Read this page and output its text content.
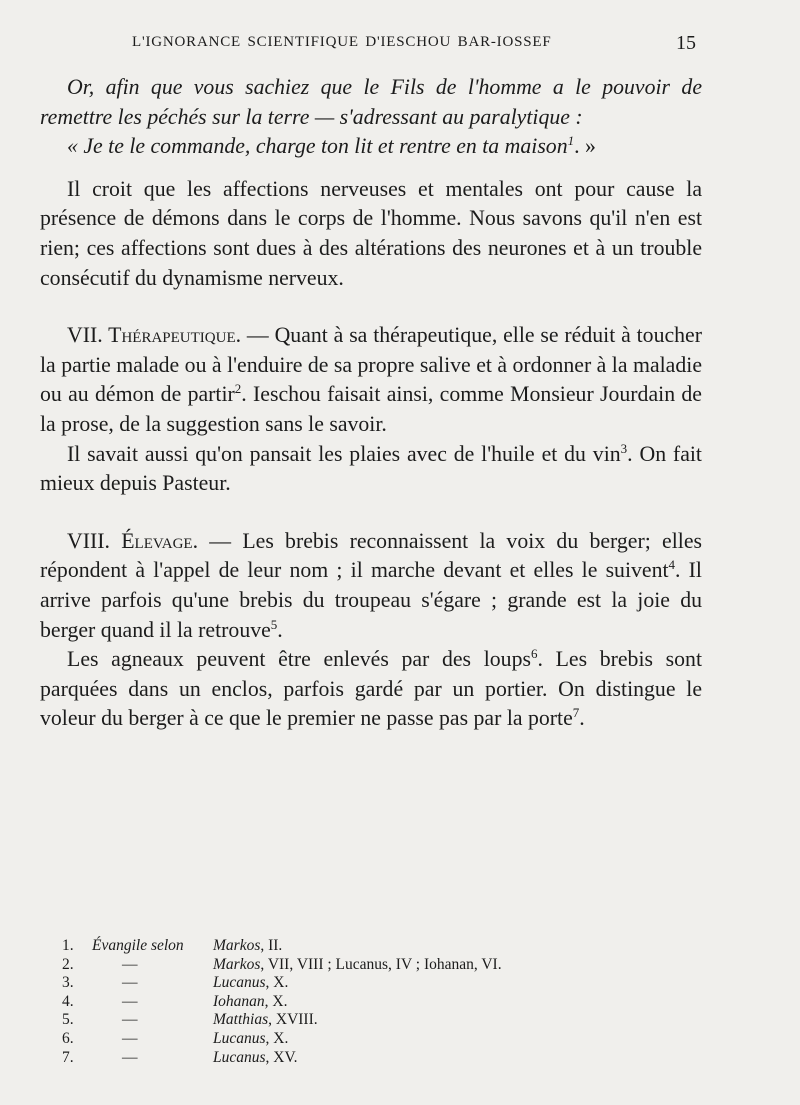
L'IGNORANCE SCIENTIFIQUE D'IESCHOU BAR-IOSSEF	15

Or, afin que vous sachiez que le Fils de l'homme a le pouvoir de remettre les péchés sur la terre — s'adressant au paralytique :

« Je te le commande, charge ton lit et rentre en ta maison$^1$. »

Il croit que les affections nerveuses et mentales ont pour cause la présence de démons dans le corps de l'homme. Nous savons qu'il n'en est rien; ces affections sont dues à des altérations des neurones et à un trouble consécutif du dynamisme nerveux.

VII. Thérapeutique. — Quant à sa thérapeutique, elle se réduit à toucher la partie malade ou à l'enduire de sa propre salive et à ordonner à la maladie ou au démon de partir$^2$. Ieschou faisait ainsi, comme Monsieur Jourdain de la prose, de la suggestion sans le savoir.

Il savait aussi qu'on pansait les plaies avec de l'huile et du vin$^3$. On fait mieux depuis Pasteur.

VIII. Élevage. — Les brebis reconnaissent la voix du berger; elles répondent à l'appel de leur nom ; il marche devant et elles le suivent$^4$. Il arrive parfois qu'une brebis du troupeau s'égare ; grande est la joie du berger quand il la retrouve$^5$.

Les agneaux peuvent être enlevés par des loups$^6$. Les brebis sont parquées dans un enclos, parfois gardé par un portier. On distingue le voleur du berger à ce que le premier ne passe pas par la porte$^7$.

1.	Évangile selon	Markos, II.
2.	—	Markos, VII, VIII ; Lucanus, IV ; Iohanan, VI.
3.	—	Lucanus, X.
4.	—	Iohanan, X.
5.	—	Matthias, XVIII.
6.	—	Lucanus, X.
7.	—	Lucanus, XV.
